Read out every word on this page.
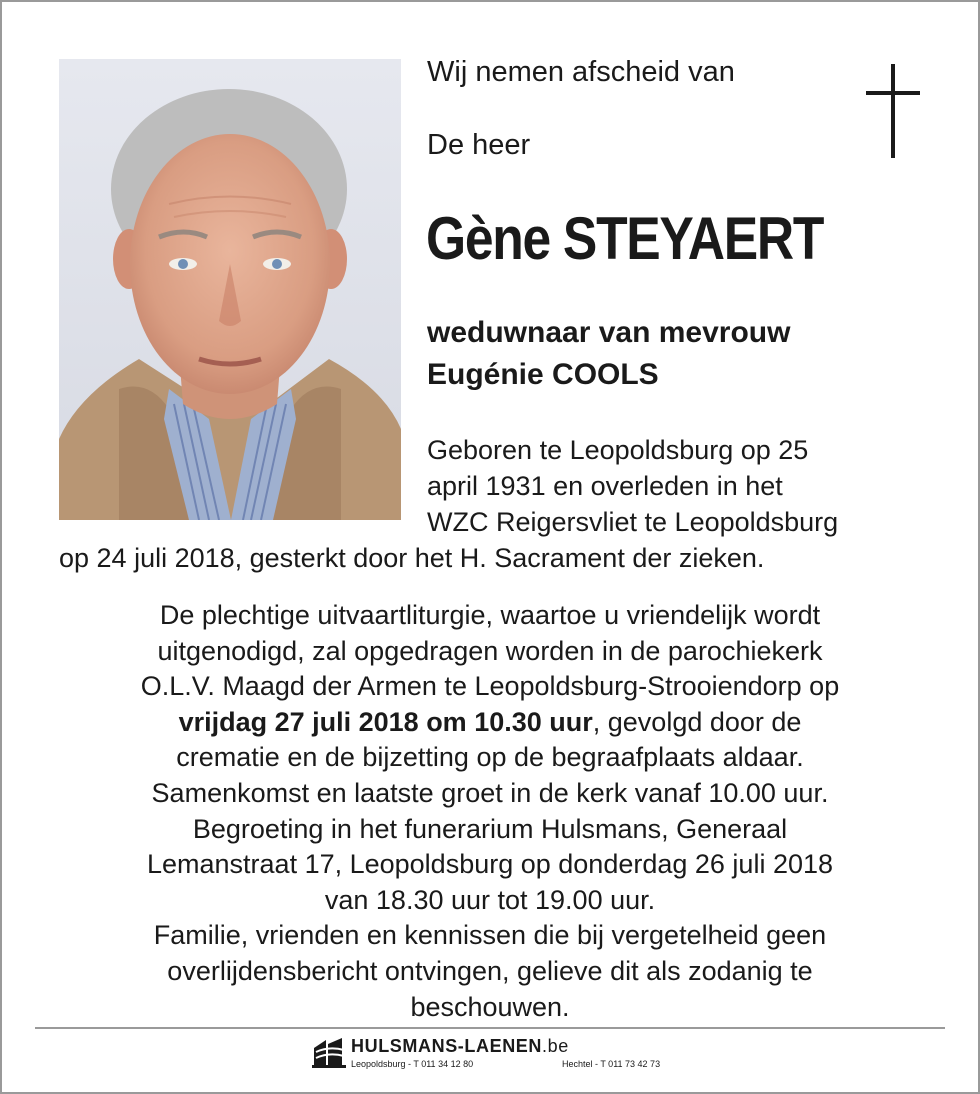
Wij nemen afscheid van
De heer
Gène STEYAERT
weduwnaar van mevrouw
Eugénie COOLS
Geboren te Leopoldsburg op 25
april 1931 en overleden in het
WZC Reigersvliet te Leopoldsburg
op 24 juli 2018, gesterkt door het H. Sacrament der zieken.
De plechtige uitvaartliturgie, waartoe u vriendelijk wordt
uitgenodigd, zal opgedragen worden in de parochiekerk
O.L.V. Maagd der Armen te Leopoldsburg-Strooiendorp op
vrijdag 27 juli 2018 om 10.30 uur, gevolgd door de
crematie en de bijzetting op de begraafplaats aldaar.
Samenkomst en laatste groet in de kerk vanaf 10.00 uur.
Begroeting in het funerarium Hulsmans, Generaal
Lemanstraat 17, Leopoldsburg op donderdag 26 juli 2018
van 18.30 uur tot 19.00 uur.
Familie, vrienden en kennissen die bij vergetelheid geen
overlijdensbericht ontvingen, gelieve dit als zodanig te
beschouwen.
HULSMANS-LAENEN.be
Leopoldsburg - T 011 34 12 80	Hechtel - T 011 73 42 73
